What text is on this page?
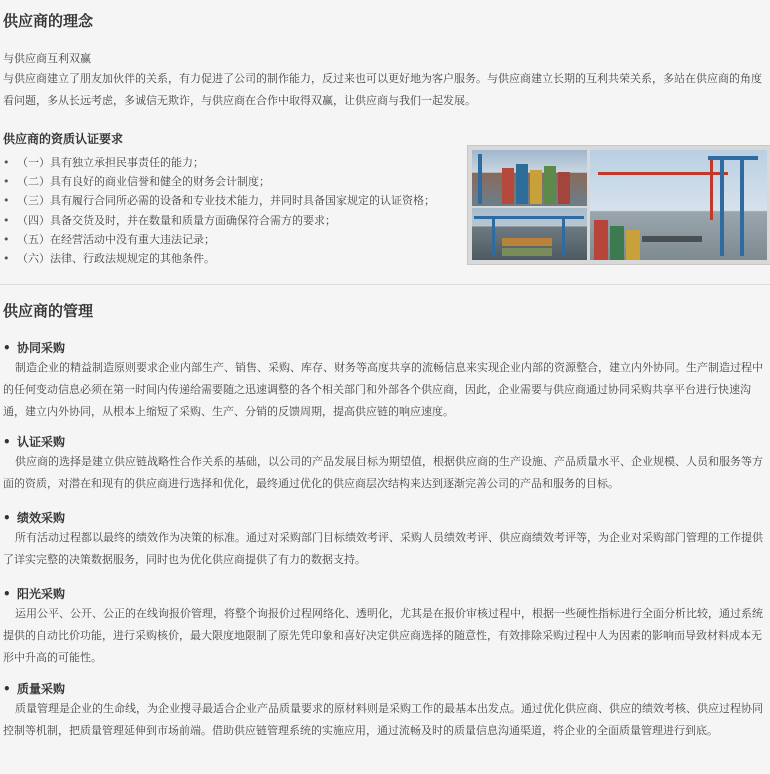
供应商的理念
与供应商互利双赢
与供应商建立了朋友加伙伴的关系，有力促进了公司的制作能力，反过来也可以更好地为客户服务。与供应商建立长期的互利共荣关系，多站在供应商的角度看问题，多从长远考虑，多诚信无欺诈，与供应商在合作中取得双赢，让供应商与我们一起发展。
供应商的资质认证要求
• （一）具有独立承担民事责任的能力；
• （二）具有良好的商业信誉和健全的财务会计制度；
• （三）具有履行合同所必需的设备和专业技术能力，并同时具备国家规定的认证资格；
• （四）具备交货及时，并在数量和质量方面确保符合需方的要求；
• （五）在经营活动中没有重大违法记录；
• （六）法律、行政法规规定的其他条件。
供应商的管理
• 协同采购
制造企业的精益制造原则要求企业内部生产、销售、采购、库存、财务等高度共享的流畅信息来实现企业内部的资源整合，建立内外协同。生产制造过程中的任何变动信息必须在第一时间内传递给需要随之迅速调整的各个相关部门和外部各个供应商，因此，企业需要与供应商通过协同采购共享平台进行快速沟通，建立内外协同，从根本上缩短了采购、生产、分销的反馈周期，提高供应链的响应速度。
• 认证采购
供应商的选择是建立供应链战略性合作关系的基础，以公司的产品发展目标为期望值，根据供应商的生产设施、产品质量水平、企业规模、人员和服务等方面的资质，对潜在和现有的供应商进行选择和优化，最终通过优化的供应商层次结构来达到逐渐完善公司的产品和服务的目标。
• 绩效采购
所有活动过程都以最终的绩效作为决策的标准。通过对采购部门目标绩效考评、采购人员绩效考评、供应商绩效考评等，为企业对采购部门管理的工作提供了详实完整的决策数据服务，同时也为优化供应商提供了有力的数据支持。
• 阳光采购
运用公平、公开、公正的在线询报价管理，将整个询报价过程网络化、透明化，尤其是在报价审核过程中，根据一些硬性指标进行全面分析比较，通过系统提供的自动比价功能，进行采购核价，最大限度地限制了原先凭印象和喜好决定供应商选择的随意性，有效排除采购过程中人为因素的影响而导致材料成本无形中升高的可能性。
• 质量采购
质量管理是企业的生命线，为企业搜寻最适合企业产品质量要求的原材料则是采购工作的最基本出发点。通过优化供应商、供应的绩效考核、供应过程协同控制等机制，把质量管理延伸到市场前端。借助供应链管理系统的实施应用，通过流畅及时的质量信息沟通渠道，将企业的全面质量管理进行到底。
